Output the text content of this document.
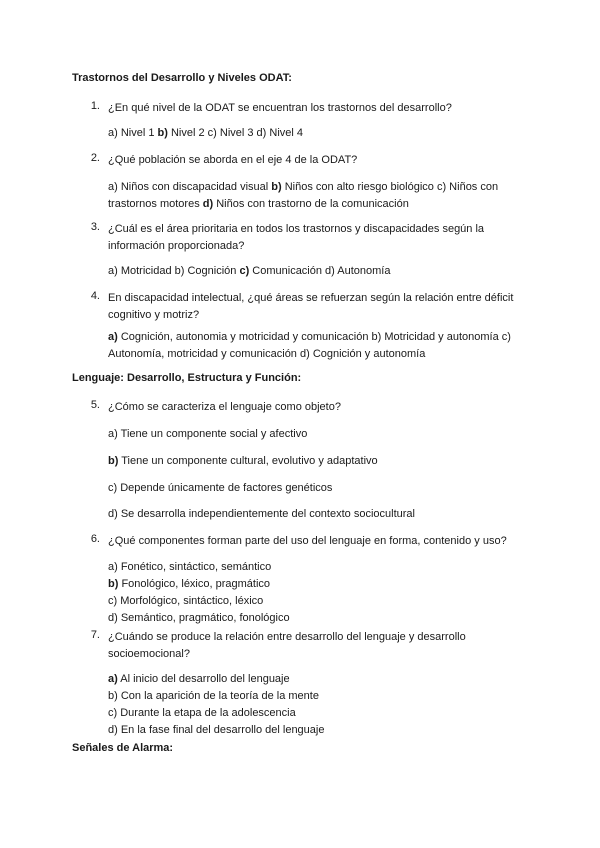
Trastornos del Desarrollo y Niveles ODAT:
1. ¿En qué nivel de la ODAT se encuentran los trastornos del desarrollo?
a) Nivel 1 b) Nivel 2 c) Nivel 3 d) Nivel 4
2. ¿Qué población se aborda en el eje 4 de la ODAT?
a) Niños con discapacidad visual b) Niños con alto riesgo biológico c) Niños con
trastornos motores d) Niños con trastorno de la comunicación
3. ¿Cuál es el área prioritaria en todos los trastornos y discapacidades según la información proporcionada?
a) Motricidad b) Cognición c) Comunicación d) Autonomía
4. En discapacidad intelectual, ¿qué áreas se refuerzan según la relación entre déficit cognitivo y motriz?
a) Cognición, autonomia y motricidad y comunicación b) Motricidad y autonomía c)
Autonomía, motricidad y comunicación d) Cognición y autonomía
Lenguaje: Desarrollo, Estructura y Función:
5. ¿Cómo se caracteriza el lenguaje como objeto?
a) Tiene un componente social y afectivo
b) Tiene un componente cultural, evolutivo y adaptativo
c) Depende únicamente de factores genéticos
d) Se desarrolla independientemente del contexto sociocultural
6. ¿Qué componentes forman parte del uso del lenguaje en forma, contenido y uso?
a) Fonético, sintáctico, semántico
b) Fonológico, léxico, pragmático
c) Morfológico, sintáctico, léxico
d) Semántico, pragmático, fonológico
7. ¿Cuándo se produce la relación entre desarrollo del lenguaje y desarrollo socioemocional?
a) Al inicio del desarrollo del lenguaje
b) Con la aparición de la teoría de la mente
c) Durante la etapa de la adolescencia
d) En la fase final del desarrollo del lenguaje
Señales de Alarma:
